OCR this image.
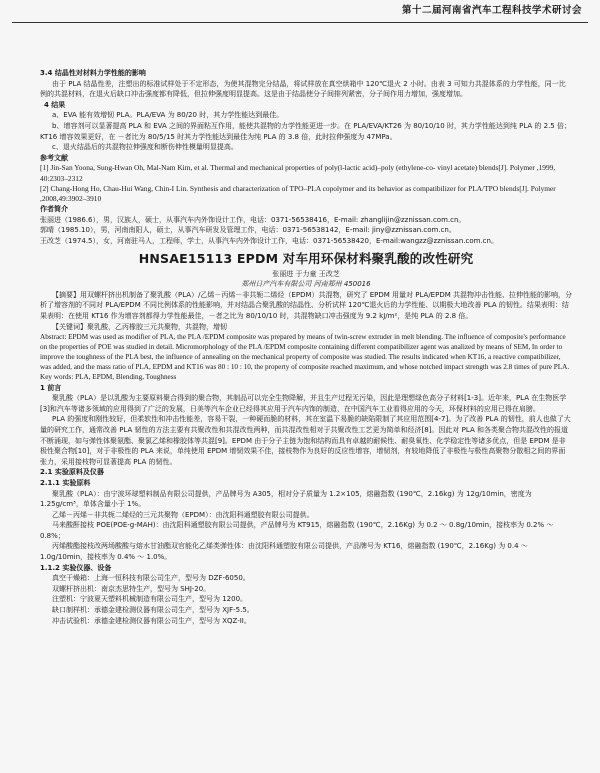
第十二届河南省汽车工程科技学术研讨会

3.4 结晶性对材料力学性能的影响

由于 PLA 结晶性差，注塑出的标准试样处于不定形态，为使其混物完分结晶，将试样放在真空烘箱中 120℃退火 2 小时。由表 3 可知力共混体系的力学性能，同一比例的共混材料，在退火后缺口冲击强度都有降低，但拉伸强度明显提高。这是由于结晶使分子间排列紧密，分子间作用力增加，强度增加。

4 结果

a、EVA 能有效增韧 PLA。PLA/EVA 为 80/20 时，其力学性能达到最佳。

b、增容剂可以显著提高 PLA 和 EVA 之间的界面粘互作用，能使共混物的力学性能更进一步。在 PLA/EVA/KT26 为 80/10/10 时，其力学性能达到纯 PLA 的 2.5 倍；KT16 增容效果更好，在 －者比为 80/5/15 时其力学性能达到最佳为纯 PLA 的 3.8 倍，此时拉伸强度为 47MPa。

c、退火结晶后的共混物拉伸强度和断伤伸性模量明显提高。

参考文献

[1] Jin-San Yoona, Sung-Hwan Oh, Mal-Nam Kim, et al. Thermal and mechanical properties of poly(l-lactic acid)–poly (ethylene-co- vinyl acetate) blends[J]. Polymer ,1999, 40:2303–2312

[2] Chang-Hong Ho, Chau-Hui Wang, Chin-I Lin. Synthesis and characterization of TPO–PLA copolymer and its behavior as compatibilizer for PLA/TPO blends[J]. Polymer ,2008,49:3902–3910

作者简介

张丽进（1986.6），男，汉族人，硕士，从事汽车内外饰设计工作，电话：0371-56538416，E-mail: zhanglijin@zznissan.com.cn。

郭晴（1985.10），男，河南南阳人，硕士，从事汽车研发及管理工作，电话：0371-56538142，E-mail: jiny@zznissan.com.cn。

王改芝（1974.5），女，河南驻马人，工程师，学士，从事汽车内外饰设计工作，电话：0371-56538420，E-mail:wangzz@zznissan.com.cn。

HNSAE15113 EPDM 对车用环保材料聚乳酸的改性研究

张丽进 于力童 王改芝

郑州日产汽车有限公司 河南郑州 450016

【摘要】用双螺杆挤出机制备了聚乳酸（PLA）/乙烯－丙烯－非共轭二烯烃（EPDM）共混物，研究了 EPDM 用量对 PLA/EPDM 共混物冲击性能、拉伸性能的影响，分析了增容剂的不同对 PLA/EPDM 不同比例体系的性能影响，并对结晶合聚乳酸的结晶性、分析试样 120℃退火后的力学性能、以期极大地改善 PLA 的韧性。结果表明：结果表明：在使用 KT16 作为增容剂都得力学性能最佳，－者之比为 80/10/10 时，共混物缺口冲击强度为 9.2 kJ/m²，是纯 PLA 的 2.8 倍。

【关键词】聚乳酸，乙丙橡胶三元共聚物，共混物，增韧

Abstract: EPDM was used as modifier of PLA, the PLA /EPDM composite was prepared by means of twin-screw extruder in melt blending. The influence of composite's performance on the properties of POE was studied in detail. Micromorphology of the PLA /EPDM composite containing different compatibilizer agent was analized by means of SEM, In order to improve the toughness of the PLA best, the influence of annealing on the mechanical property of composite was studied. The results indicated when KT16, a reactive compatibilizer, was added, and the mass ratio of PLA, EPDM and KT16 was 80 : 10 : 10, the property of composite reached maximum, and whose notched impact strength was 2.8 times of pure PLA.

Key words: PLA, EPDM, Blending, Toughness

1 前言

聚乳酸（PLA）是以乳酸为主要原料聚合得到的聚合物，其制品可以完全生物降解，并且生产过程无污染，因此是理想绿色高分子材料[1-3]。近年来，PLA 在生物医学[3]和汽车等诸多领域的应用得到了广泛的发展，日美等汽车企业已经得其应用于汽车内饰的制造，在中国汽车工业看得应用的今天，环保材料的应用已得在肩膀。

PLA 的强度和刚性较好，但柔软性和冲击性能差，容易干裂，一种硬而脆的材料，其在室温下易脆的缺陷限制了其应用范围[4-7]。为了改善 PLA 的韧性，前人也做了大量的研究工作，通常改善 PLA 韧性的方法主要有共聚改性和共混改性两种，而共混改性相对于共聚改性工艺更为简单和经济[8]。因此对 PLA 和各类聚合物共混改性的报道不断涌现，如与弹性体聚氨酯、聚氯乙烯和橡胶体等共混[9]。EPDM 由于分子主链为饱和结构而具有卓越的耐候性、耐臭氧性、化学稳定性等诸多优点，但是 EPDM 是非极性聚合物[10]，对于非极性的 PLA 来说，单纯使用 EPDM 增韧效果不佳，接枝物作为良好的反应性增容，增韧剂，有较地降低了非极性与极性高聚物分散相之间的界面张力，采用接枝物可显著提高 PLA 的韧性。

2.1 实验原料及仪器

2.1.1 实验原料

聚乳酸（PLA）：由宁波环球塑料制品有限公司提供，产品牌号为 A305，相对分子质量为 1.2×105，熔融指数 (190℃，2.16kg) 为 12g/10min，密度为 1.25g/cm³，单体含量小于 1%。

乙烯－丙烯－非共轭二烯烃的三元共聚物（EPDM）：由沈阳科通塑胶有限公司提供。

马来酸酐接枝 POE(POE-g-MAH)：由沈阳科通塑胶有限公司提供，产品牌号为 KT915，熔融指数 (190℃，2.16Kg) 为 0.2 ～ 0.8g/10min，接枝率为 0.2% ～ 0.8%；

丙烯酸酯接枝改两场酸酸与熔水甘油酯双官能化乙烯类弹性体：由沈阳科通塑胶有限公司提供，产品牌号为 KT16，熔融指数 (190℃，2.16Kg) 为 0.4 ～ 1.0g/10min，接枝率为 0.4% ～ 1.0%。

1.1.2 实验仪器、设备

真空干燥箱：上海一恒科技有限公司生产，型号为 DZF-6050。

双螺杆挤出机：南京杰思特生产，型号为 SHJ-20。

注塑机：宁波夏天塑料机械制造有限公司生产，型号为 1200。

缺口制样机：承德金建检测仪器有限公司生产，型号为 XJF-5.5。

冲击试验机：承德金建检测仪器有限公司生产，型号为 XQZ-II。
